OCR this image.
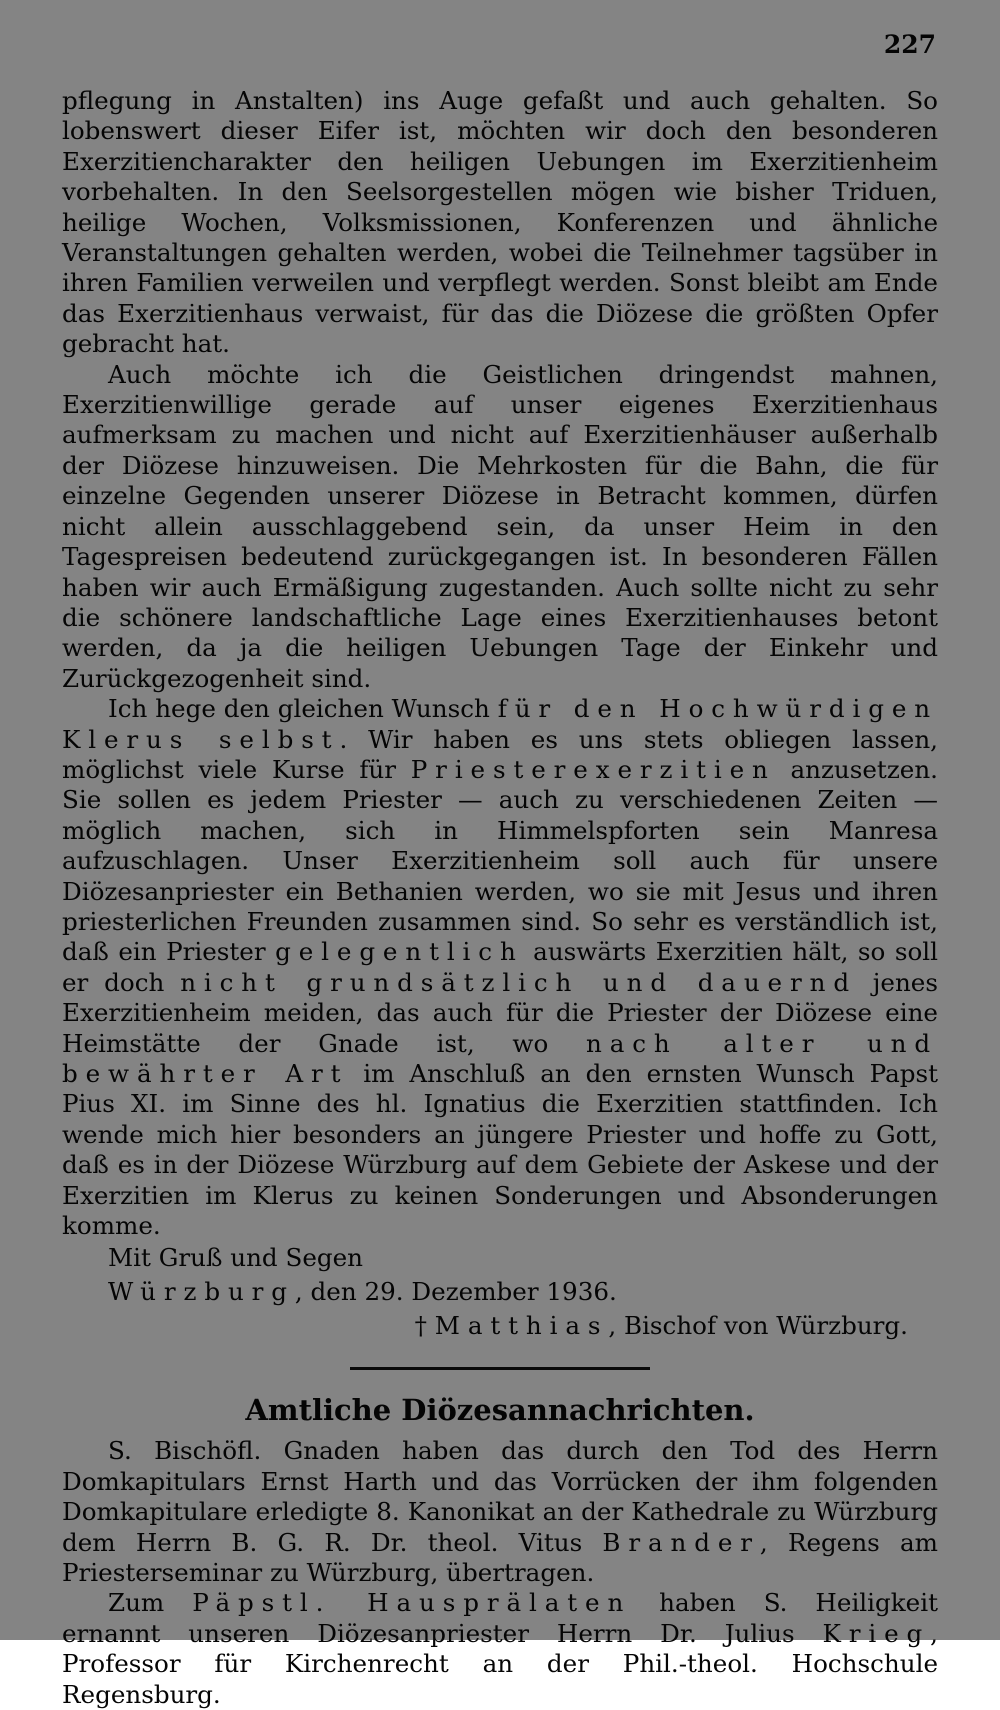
227

pflegung in Anstalten) ins Auge gefaßt und auch gehalten. So lobenswert dieser Eifer ist, möchten wir doch den besonderen Exerzitiencharakter den heiligen Uebungen im Exerzitienheim vorbehalten. In den Seelsorgestellen mögen wie bisher Triduen, heilige Wochen, Volksmissionen, Konferenzen und ähnliche Veranstaltungen gehalten werden, wobei die Teilnehmer tagsüber in ihren Familien verweilen und verpflegt werden. Sonst bleibt am Ende das Exerzitienhaus verwaist, für das die Diözese die größten Opfer gebracht hat.

Auch möchte ich die Geistlichen dringendst mahnen, Exerzitienwillige gerade auf unser eigenes Exerzitienhaus aufmerksam zu machen und nicht auf Exerzitienhäuser außerhalb der Diözese hinzuweisen. Die Mehrkosten für die Bahn, die für einzelne Gegenden unserer Diözese in Betracht kommen, dürfen nicht allein ausschlaggebend sein, da unser Heim in den Tagespreisen bedeutend zurückgegangen ist. In besonderen Fällen haben wir auch Ermäßigung zugestanden. Auch sollte nicht zu sehr die schönere landschaftliche Lage eines Exerzitienhauses betont werden, da ja die heiligen Uebungen Tage der Einkehr und Zurückgezogenheit sind.

Ich hege den gleichen Wunsch für den Hochwürdigen Klerus selbst. Wir haben es uns stets obliegen lassen, möglichst viele Kurse für Priesterexerzitien anzusetzen. Sie sollen es jedem Priester — auch zu verschiedenen Zeiten — möglich machen, sich in Himmelspforten sein Manresa aufzuschlagen. Unser Exerzitienheim soll auch für unsere Diözesanpriester ein Bethanien werden, wo sie mit Jesus und ihren priesterlichen Freunden zusammen sind. So sehr es verständlich ist, daß ein Priester gelegentlich auswärts Exerzitien hält, so soll er doch nicht grundsätzlich und dauernd jenes Exerzitienheim meiden, das auch für die Priester der Diözese eine Heimstätte der Gnade ist, wo nach alter und bewährter Art im Anschluß an den ernsten Wunsch Papst Pius XI. im Sinne des hl. Ignatius die Exerzitien stattfinden. Ich wende mich hier besonders an jüngere Priester und hoffe zu Gott, daß es in der Diözese Würzburg auf dem Gebiete der Askese und der Exerzitien im Klerus zu keinen Sonderungen und Absonderungen komme.

Mit Gruß und Segen

Würzburg, den 29. Dezember 1936.

† Matthias, Bischof von Würzburg.

Amtliche Diözesannachrichten.

S. Bischöfl. Gnaden haben das durch den Tod des Herrn Domkapitulars Ernst Harth und das Vorrücken der ihm folgenden Domkapitulare erledigte 8. Kanonikat an der Kathedrale zu Würzburg dem Herrn B. G. R. Dr. theol. Vitus Brander, Regens am Priesterseminar zu Würzburg, übertragen.

Zum Päpstl. Hausprälaten haben S. Heiligkeit ernannt unseren Diözesanpriester Herrn Dr. Julius Krieg, Professor für Kirchenrecht an der Phil.-theol. Hochschule Regensburg.
